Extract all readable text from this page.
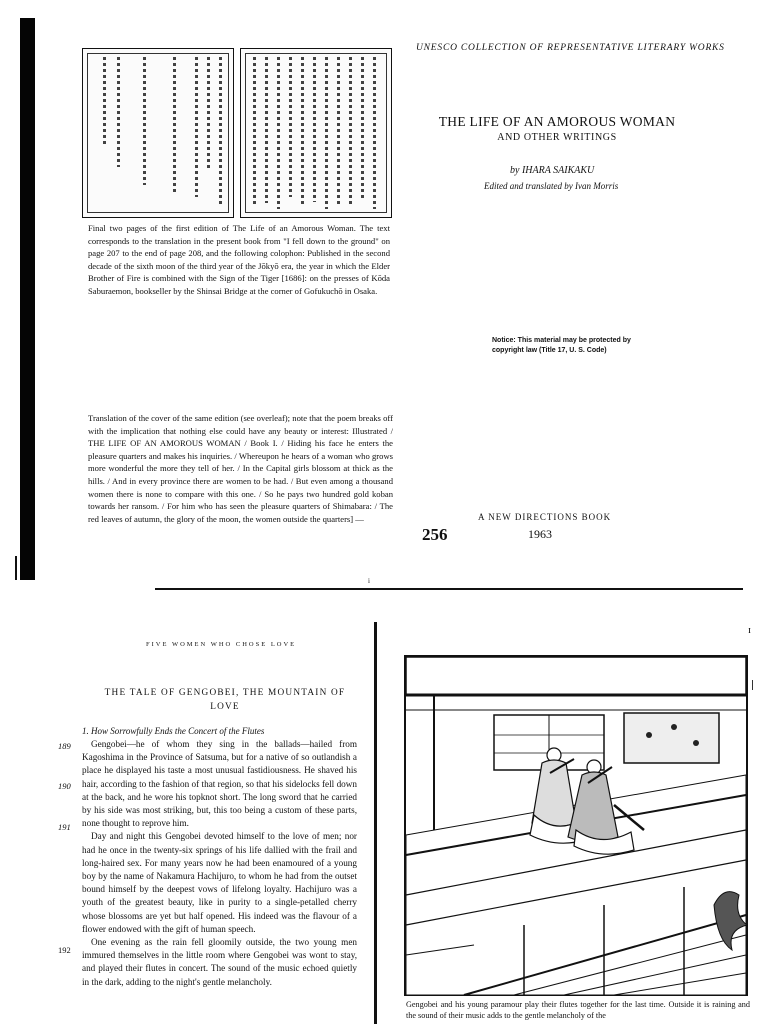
ɪ
Final two pages of the first edition of The Life of an Amorous Woman. The text corresponds to the translation in the present book from "I fell down to the ground" on page 207 to the end of page 208, and the following colophon: Published in the second decade of the sixth moon of the third year of the Jōkyō era, the year in which the Elder Brother of Fire is combined with the Sign of the Tiger [1686]: on the presses of Kōda Saburaemon, bookseller by the Shinsai Bridge at the corner of Gofukuchō in Osaka.
Translation of the cover of the same edition (see overleaf); note that the poem breaks off with the implication that nothing else could have any beauty or interest: Illustrated / THE LIFE OF AN AMOROUS WOMAN / Book I. / Hiding his face he enters the pleasure quarters and makes his inquiries. / Whereupon he hears of a woman who grows more wonderful the more they tell of her. / In the Capital girls blossom at thick as the hills. / And in every province there are women to be had. / But even among a thousand women there is none to compare with this one. / So he pays two hundred gold koban towards her ransom. / For him who has seen the pleasure quarters of Shimabara: / The red leaves of autumn, the glory of the moon, the women outside the quarters] —
UNESCO COLLECTION OF REPRESENTATIVE LITERARY WORKS
THE LIFE OF AN AMOROUS WOMAN
AND OTHER WRITINGS
by IHARA SAIKAKU
Edited and translated by Ivan Morris
Notice: This material may be protected by
copyright law (Title 17, U. S. Code)
A NEW DIRECTIONS BOOK
256	1963
i
FIVE WOMEN WHO CHOSE LOVE
THE TALE OF GENGOBEI, THE MOUNTAIN OF LOVE
1. How Sorrowfully Ends the Concert of the Flutes

Gengobei—he of whom they sing in the ballads—hailed from Kagoshima in the Province of Satsuma, but for a native of so outlandish a place he displayed his taste a most unusual fastidiousness. He shaved his hair, according to the fashion of that region, so that his sidelocks fell down at the back, and he wore his topknot short. The long sword that he carried by his side was most striking, but, this too being a custom of these parts, none thought to reprove him.

Day and night this Gengobei devoted himself to the love of men; nor had he once in the twenty-six springs of his life dallied with the frail and long-haired sex. For many years now he had been enamoured of a young boy by the name of Nakamura Hachijuro, to whom he had from the outset bound himself by the deepest vows of lifelong loyalty. Hachijuro was a youth of the greatest beauty, like in purity to a single-petalled cherry whose blossoms are yet but half opened. His indeed was the flavour of a flower endowed with the gift of human speech.

One evening as the rain fell gloomily outside, the two young men immured themselves in the little room where Gengobei was wont to stay, and played their flutes in concert. The sound of the music echoed quietly in the dark, adding to the night's gentle melancholy.

189
190
191
192
Gengobei and his young paramour play their flutes together for the last time. Outside it is raining and the sound of their music adds to the gentle melancholy of the
